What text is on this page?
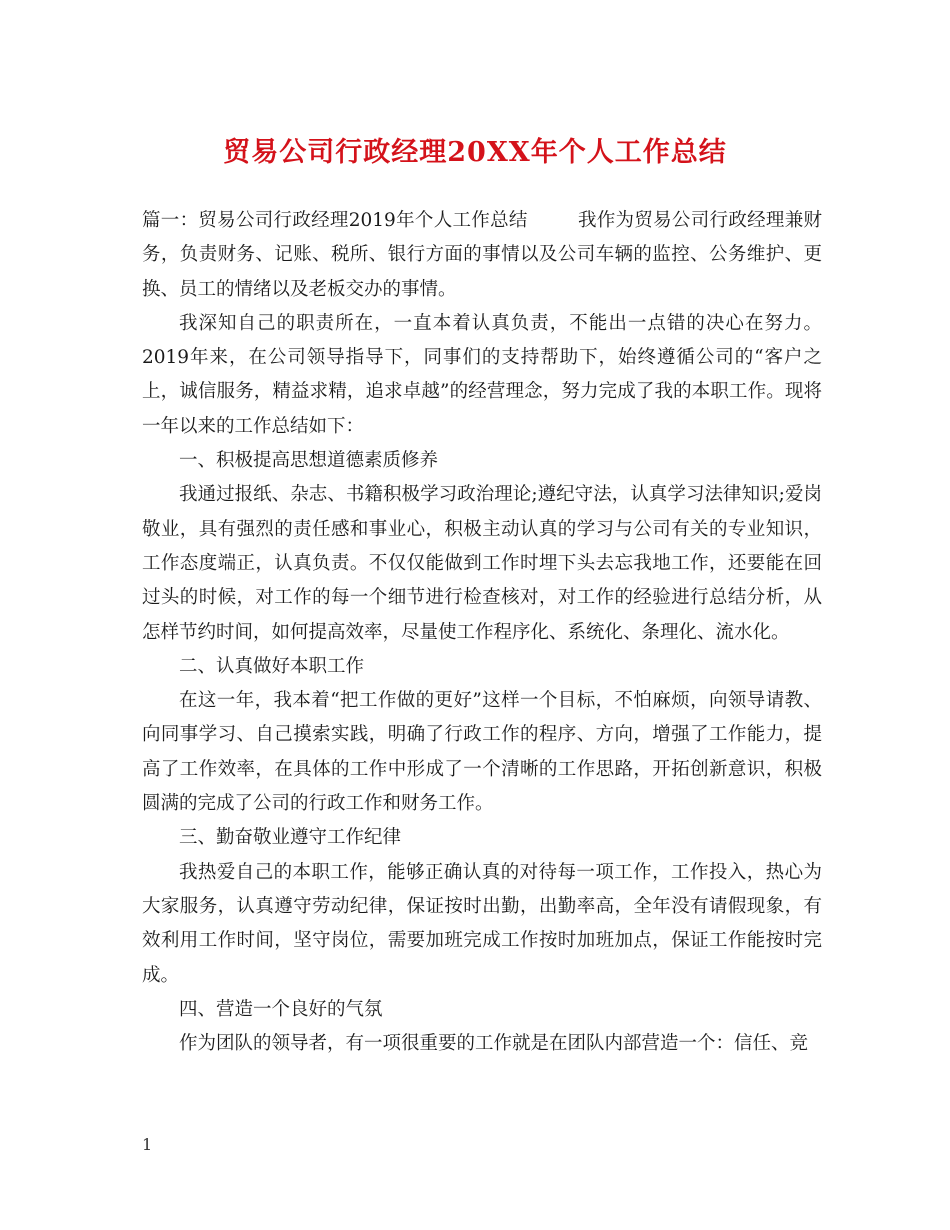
贸易公司行政经理20XX年个人工作总结

篇一：贸易公司行政经理2019年个人工作总结	我作为贸易公司行政经理兼财务，负责财务、记账、税所、银行方面的事情以及公司车辆的监控、公务维护、更换、员工的情绪以及老板交办的事情。

我深知自己的职责所在，一直本着认真负责，不能出一点错的决心在努力。2019年来，在公司领导指导下，同事们的支持帮助下，始终遵循公司的“客户之上，诚信服务，精益求精，追求卓越”的经营理念，努力完成了我的本职工作。现将一年以来的工作总结如下：

一、积极提高思想道德素质修养

我通过报纸、杂志、书籍积极学习政治理论;遵纪守法，认真学习法律知识;爱岗敬业，具有强烈的责任感和事业心，积极主动认真的学习与公司有关的专业知识，工作态度端正，认真负责。不仅仅能做到工作时埋下头去忘我地工作，还要能在回过头的时候，对工作的每一个细节进行检查核对，对工作的经验进行总结分析，从怎样节约时间，如何提高效率，尽量使工作程序化、系统化、条理化、流水化。

二、认真做好本职工作

在这一年，我本着“把工作做的更好”这样一个目标，不怕麻烦，向领导请教、向同事学习、自己摸索实践，明确了行政工作的程序、方向，增强了工作能力，提高了工作效率，在具体的工作中形成了一个清晰的工作思路，开拓创新意识，积极圆满的完成了公司的行政工作和财务工作。

三、勤奋敬业遵守工作纪律

我热爱自己的本职工作，能够正确认真的对待每一项工作，工作投入，热心为大家服务，认真遵守劳动纪律，保证按时出勤，出勤率高，全年没有请假现象，有效利用工作时间，坚守岗位，需要加班完成工作按时加班加点，保证工作能按时完成。

四、营造一个良好的气氛

作为团队的领导者，有一项很重要的工作就是在团队内部营造一个：信任、竞

1
